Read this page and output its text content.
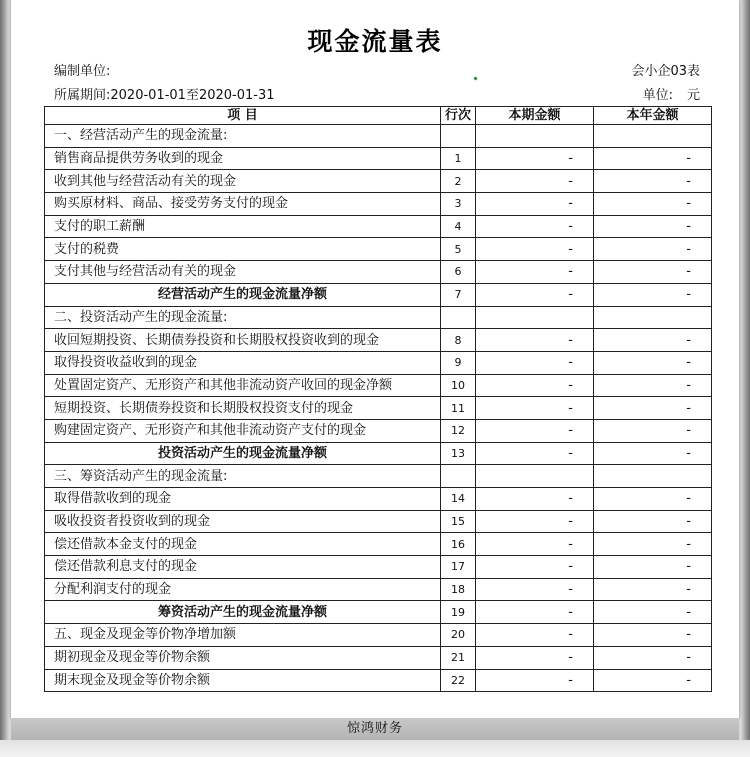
现金流量表
编制单位:	会小企03表
所属期间:2020-01-01至2020-01-31	单位: 元
项 目	行次	本期金额	本年金额
一、经营活动产生的现金流量:			
销售商品提供劳务收到的现金	1	-	-
收到其他与经营活动有关的现金	2	-	-
购买原材料、商品、接受劳务支付的现金	3	-	-
支付的职工薪酬	4	-	-
支付的税费	5	-	-
支付其他与经营活动有关的现金	6	-	-
经营活动产生的现金流量净额	7	-	-
二、投资活动产生的现金流量:			
收回短期投资、长期债券投资和长期股权投资收到的现金	8	-	-
取得投资收益收到的现金	9	-	-
处置固定资产、无形资产和其他非流动资产收回的现金净额	10	-	-
短期投资、长期债券投资和长期股权投资支付的现金	11	-	-
购建固定资产、无形资产和其他非流动资产支付的现金	12	-	-
投资活动产生的现金流量净额	13	-	-
三、筹资活动产生的现金流量:			
取得借款收到的现金	14	-	-
吸收投资者投资收到的现金	15	-	-
偿还借款本金支付的现金	16	-	-
偿还借款利息支付的现金	17	-	-
分配利润支付的现金	18	-	-
筹资活动产生的现金流量净额	19	-	-
五、现金及现金等价物净增加额	20	-	-
期初现金及现金等价物余额	21	-	-
期末现金及现金等价物余额	22	-	-
惊鸿财务
